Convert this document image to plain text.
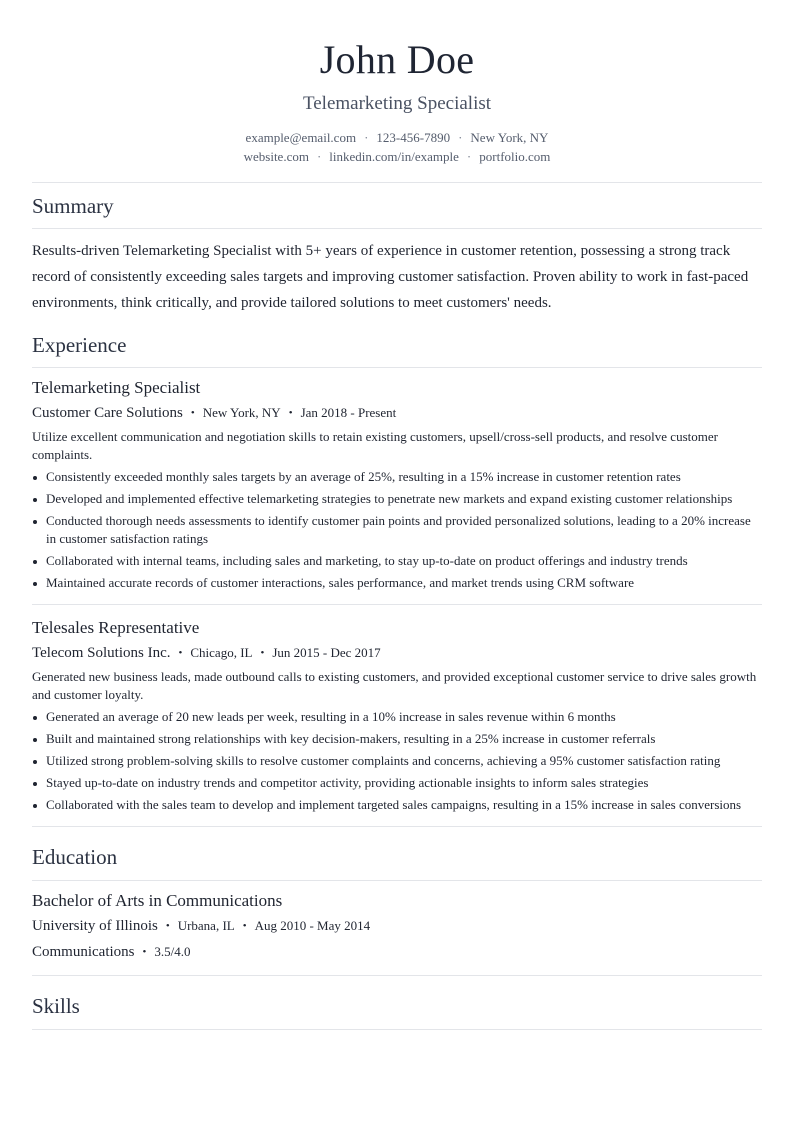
John Doe
Telemarketing Specialist
example@email.com · 123-456-7890 · New York, NY
website.com · linkedin.com/in/example · portfolio.com
Summary
Results-driven Telemarketing Specialist with 5+ years of experience in customer retention, possessing a strong track record of consistently exceeding sales targets and improving customer satisfaction. Proven ability to work in fast-paced environments, think critically, and provide tailored solutions to meet customers' needs.
Experience
Telemarketing Specialist
Customer Care Solutions • New York, NY • Jan 2018 - Present
Utilize excellent communication and negotiation skills to retain existing customers, upsell/cross-sell products, and resolve customer complaints.
Consistently exceeded monthly sales targets by an average of 25%, resulting in a 15% increase in customer retention rates
Developed and implemented effective telemarketing strategies to penetrate new markets and expand existing customer relationships
Conducted thorough needs assessments to identify customer pain points and provided personalized solutions, leading to a 20% increase in customer satisfaction ratings
Collaborated with internal teams, including sales and marketing, to stay up-to-date on product offerings and industry trends
Maintained accurate records of customer interactions, sales performance, and market trends using CRM software
Telesales Representative
Telecom Solutions Inc. • Chicago, IL • Jun 2015 - Dec 2017
Generated new business leads, made outbound calls to existing customers, and provided exceptional customer service to drive sales growth and customer loyalty.
Generated an average of 20 new leads per week, resulting in a 10% increase in sales revenue within 6 months
Built and maintained strong relationships with key decision-makers, resulting in a 25% increase in customer referrals
Utilized strong problem-solving skills to resolve customer complaints and concerns, achieving a 95% customer satisfaction rating
Stayed up-to-date on industry trends and competitor activity, providing actionable insights to inform sales strategies
Collaborated with the sales team to develop and implement targeted sales campaigns, resulting in a 15% increase in sales conversions
Education
Bachelor of Arts in Communications
University of Illinois • Urbana, IL • Aug 2010 - May 2014
Communications • 3.5/4.0
Skills
